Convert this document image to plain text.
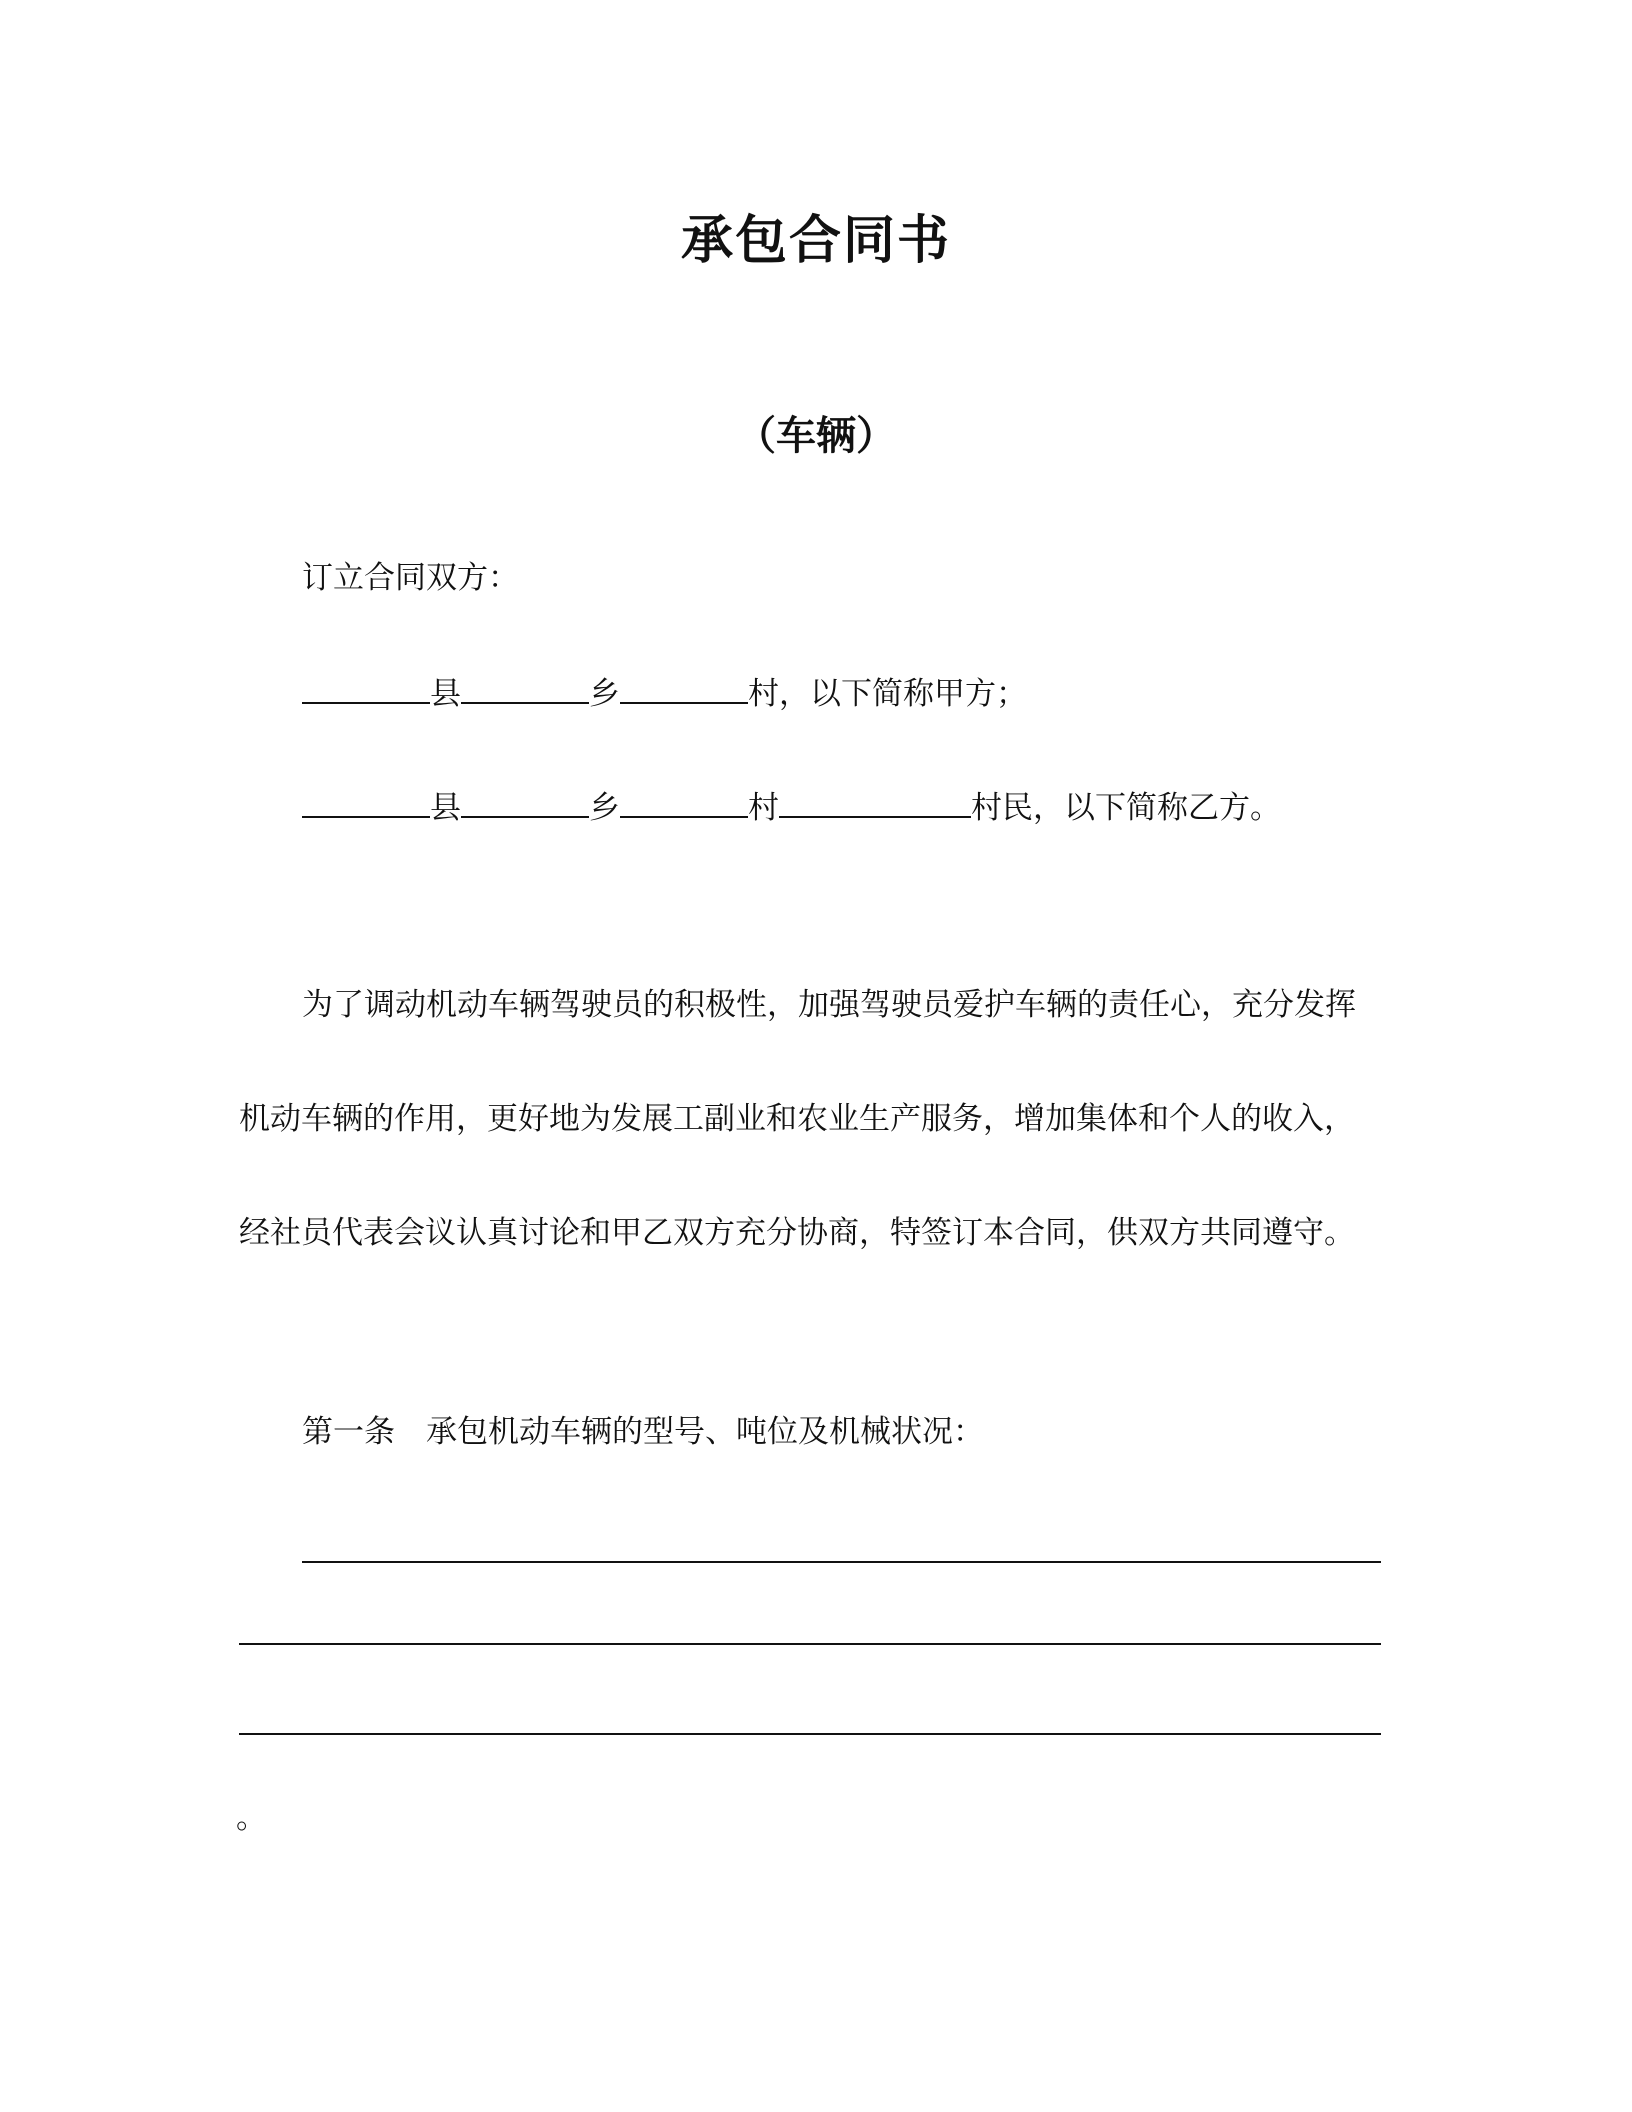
承包合同书
（车辆）
订立合同双方：
县	乡	村，以下简称甲方；
县	乡	村	村民，以下简称乙方。
为了调动机动车辆驾驶员的积极性，加强驾驶员爱护车辆的责任心，充分发挥
机动车辆的作用，更好地为发展工副业和农业生产服务，增加集体和个人的收入，
经社员代表会议认真讨论和甲乙双方充分协商，特签订本合同，供双方共同遵守。
第一条　承包机动车辆的型号、吨位及机械状况：
。
